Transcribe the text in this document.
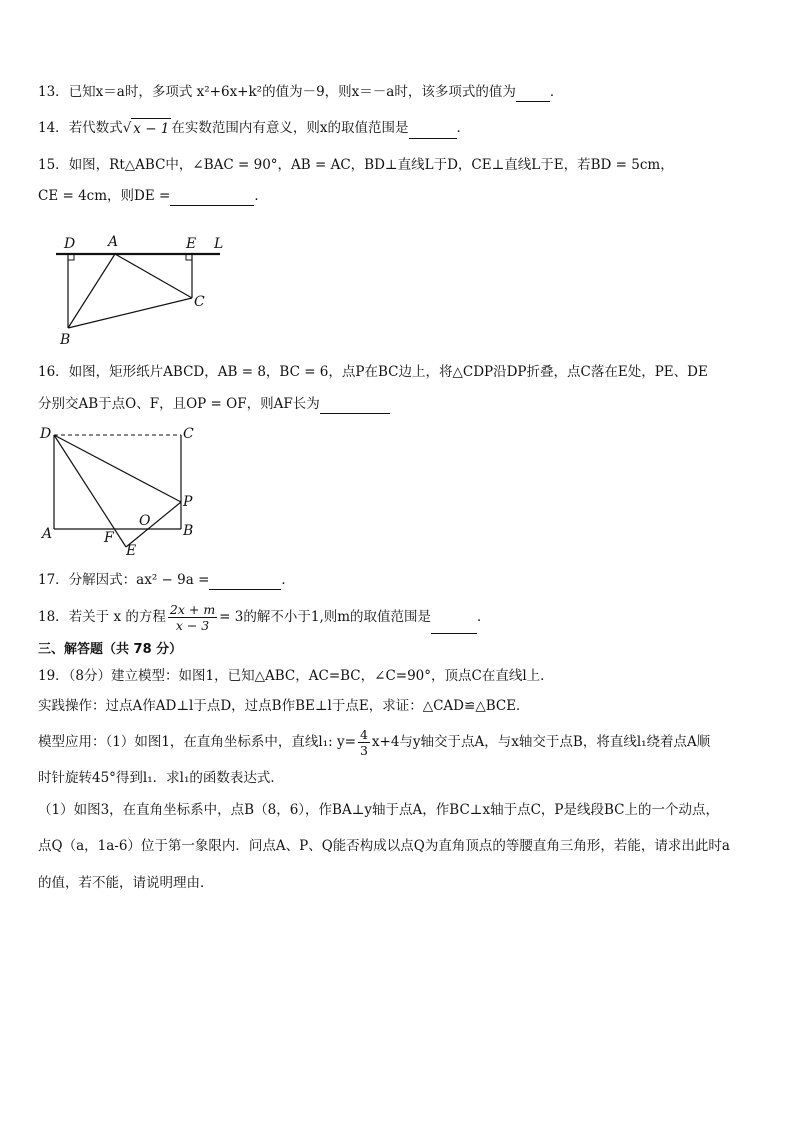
13．已知x＝a时，多项式 x²+6x+k²的值为－9，则x＝－a时，该多项式的值为	．
14．若代数式 √ x − 1 在实数范围内有意义，则x的取值范围是	．
15．如图，Rt△ABC中，∠BAC = 90°，AB = AC，BD⊥直线L于D，CE⊥直线L于E，若BD = 5cm，
CE = 4cm，则DE =	．
D A	E L
C
B
16．如图，矩形纸片ABCD，AB = 8，BC = 6，点P在BC边上，将△CDP沿DP折叠，点C落在E处，PE、DE
分别交AB于点O、F，且OP = OF，则AF长为
D	C
P
O
A	B
F
E
17．分解因式：ax² − 9a =	．
18．若关于 x 的方程 $\frac{2x + m}{x - 3} = 3$的解不小于1,则m的取值范围是	．
三、解答题（共 78 分）
19．（8分）建立模型：如图1，已知△ABC，AC=BC，∠C=90°，顶点C在直线l上．
实践操作：过点A作AD⊥l于点D，过点B作BE⊥l于点E，求证：△CAD≌△BCE．
模型应用：（1）如图1，在直角坐标系中，直线l₁: $y= \frac{4}{3} x+4$与y轴交于点A，与x轴交于点B，将直线l₁绕着点A顺
时针旋转45°得到l₁．求l₁的函数表达式．
（1）如图3，在直角坐标系中，点B（8，6），作BA⊥y轴于点A，作BC⊥x轴于点C，P是线段BC上的一个动点，
点Q（a，1a-6）位于第一象限内．问点A、P、Q能否构成以点Q为直角顶点的等腰直角三角形，若能，请求出此时a
的值，若不能，请说明理由．
